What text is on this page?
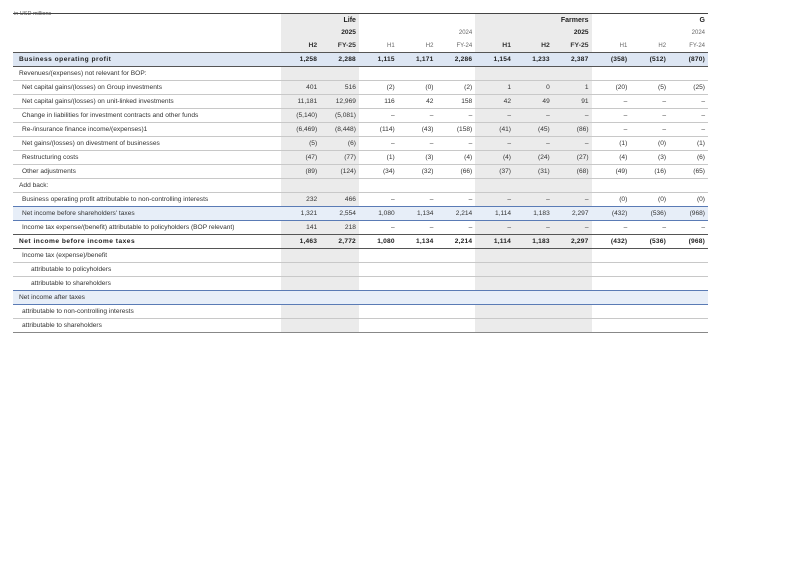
in USD millions
		Life						Farmers			G
		2025			2024			2025			2024
	H2	FY-25	H1	H2	FY-24	H1	H2	FY-25	H1	H2	FY-24
Business operating profit	1,258	2,288	1,115	1,171	2,286	1,154	1,233	2,387	(358)	(512)	(870)
Revenues/(expenses) not relevant for BOP:											
Net capital gains/(losses) on Group investments	401	516	(2)	(0)	(2)	1	0	1	(20)	(5)	(25)
Net capital gains/(losses) on unit-linked investments	11,181	12,969	116	42	158	42	49	91	–	–	–
Change in liabilities for investment contracts and other funds	(5,140)	(5,081)	–	–	–	–	–	–	–	–	–
Re-/insurance finance income/(expenses)1	(6,469)	(8,448)	(114)	(43)	(158)	(41)	(45)	(86)	–	–	–
Net gains/(losses) on divestment of businesses	(5)	(6)	–	–	–	–	–	–	(1)	(0)	(1)
Restructuring costs	(47)	(77)	(1)	(3)	(4)	(4)	(24)	(27)	(4)	(3)	(6)
Other adjustments	(89)	(124)	(34)	(32)	(66)	(37)	(31)	(68)	(49)	(16)	(65)
Add back:											
Business operating profit attributable to non-controlling interests	232	466	–	–	–	–	–	–	(0)	(0)	(0)
Net income before shareholders' taxes	1,321	2,554	1,080	1,134	2,214	1,114	1,183	2,297	(432)	(536)	(968)
Income tax expense/(benefit) attributable to policyholders (BOP relevant)	141	218	–	–	–	–	–	–	–	–	–
Net income before income taxes	1,463	2,772	1,080	1,134	2,214	1,114	1,183	2,297	(432)	(536)	(968)
Income tax (expense)/benefit											
attributable to policyholders											
attributable to shareholders											
Net income after taxes											
attributable to non-controlling interests											
attributable to shareholders											
